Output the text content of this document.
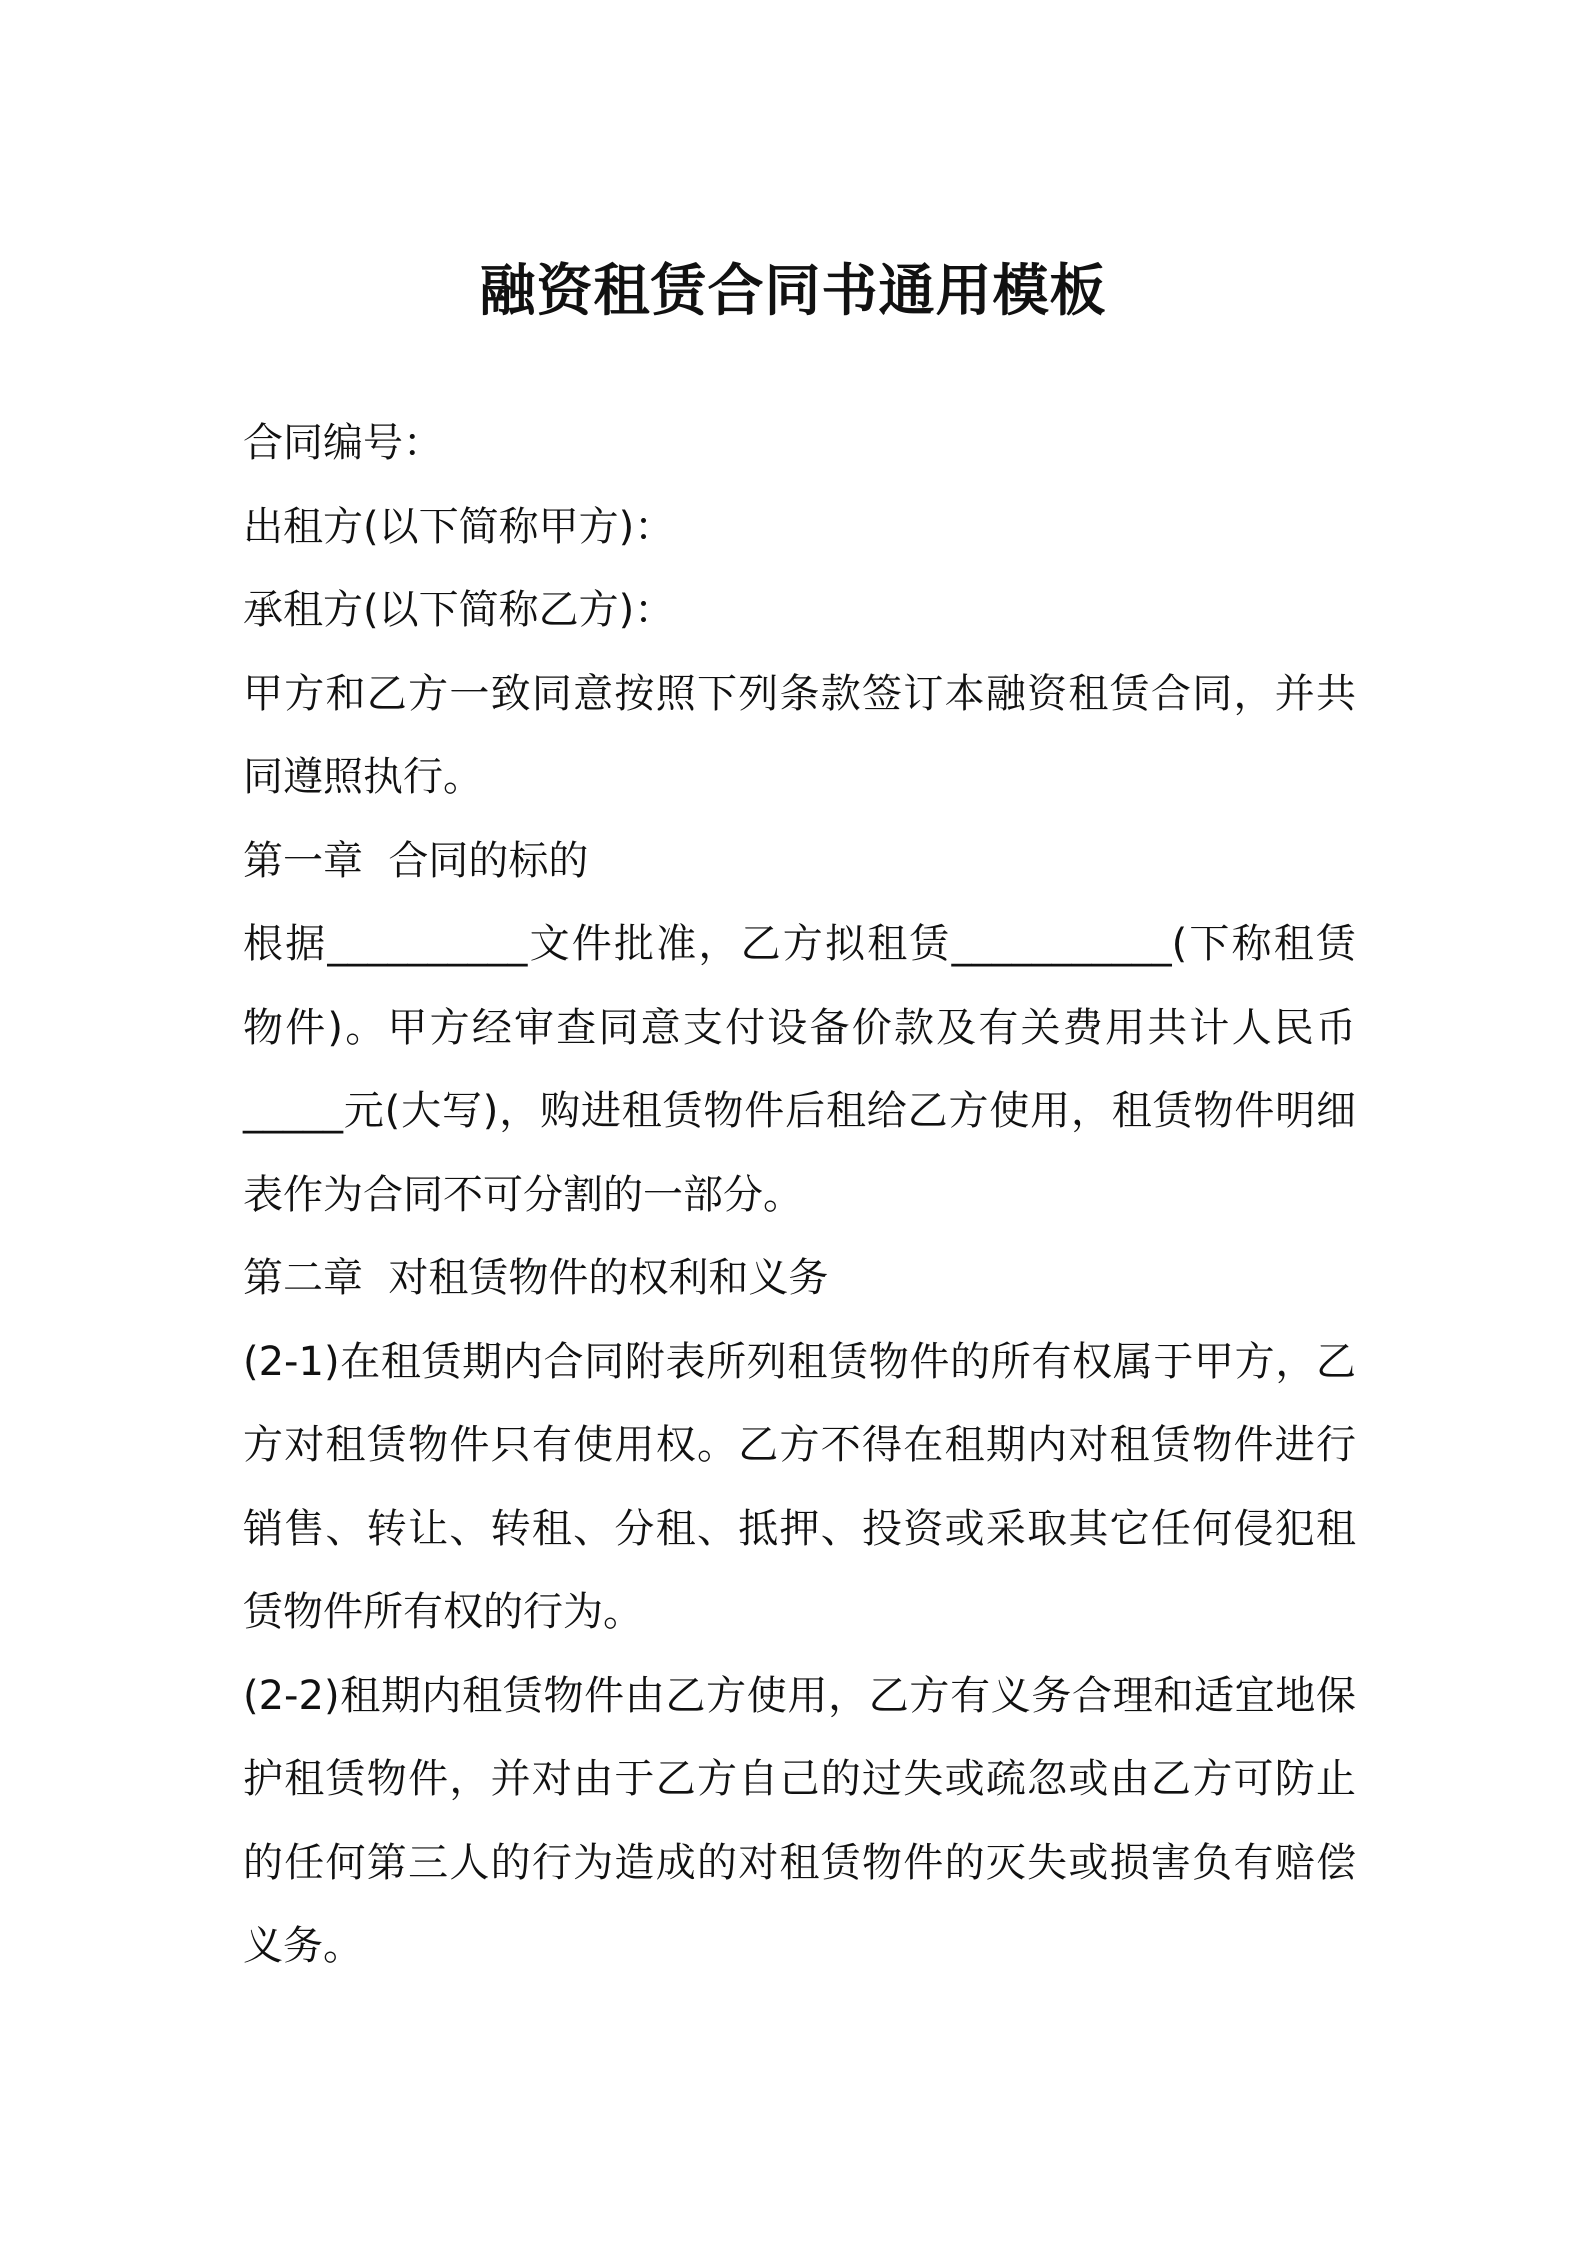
融资租赁合同书通用模板

合同编号：

出租方(以下简称甲方)：

承租方(以下简称乙方)：

甲方和乙方一致同意按照下列条款签订本融资租赁合同，并共同遵照执行。

第一章  合同的标的

根据__________文件批准，乙方拟租赁___________(下称租赁物件)。甲方经审查同意支付设备价款及有关费用共计人民币_____元(大写)，购进租赁物件后租给乙方使用，租赁物件明细表作为合同不可分割的一部分。

第二章  对租赁物件的权利和义务

(2-1)在租赁期内合同附表所列租赁物件的所有权属于甲方，乙方对租赁物件只有使用权。乙方不得在租期内对租赁物件进行销售、转让、转租、分租、抵押、投资或采取其它任何侵犯租赁物件所有权的行为。

(2-2)租期内租赁物件由乙方使用，乙方有义务合理和适宜地保护租赁物件，并对由于乙方自己的过失或疏忽或由乙方可防止的任何第三人的行为造成的对租赁物件的灭失或损害负有赔偿义务。
